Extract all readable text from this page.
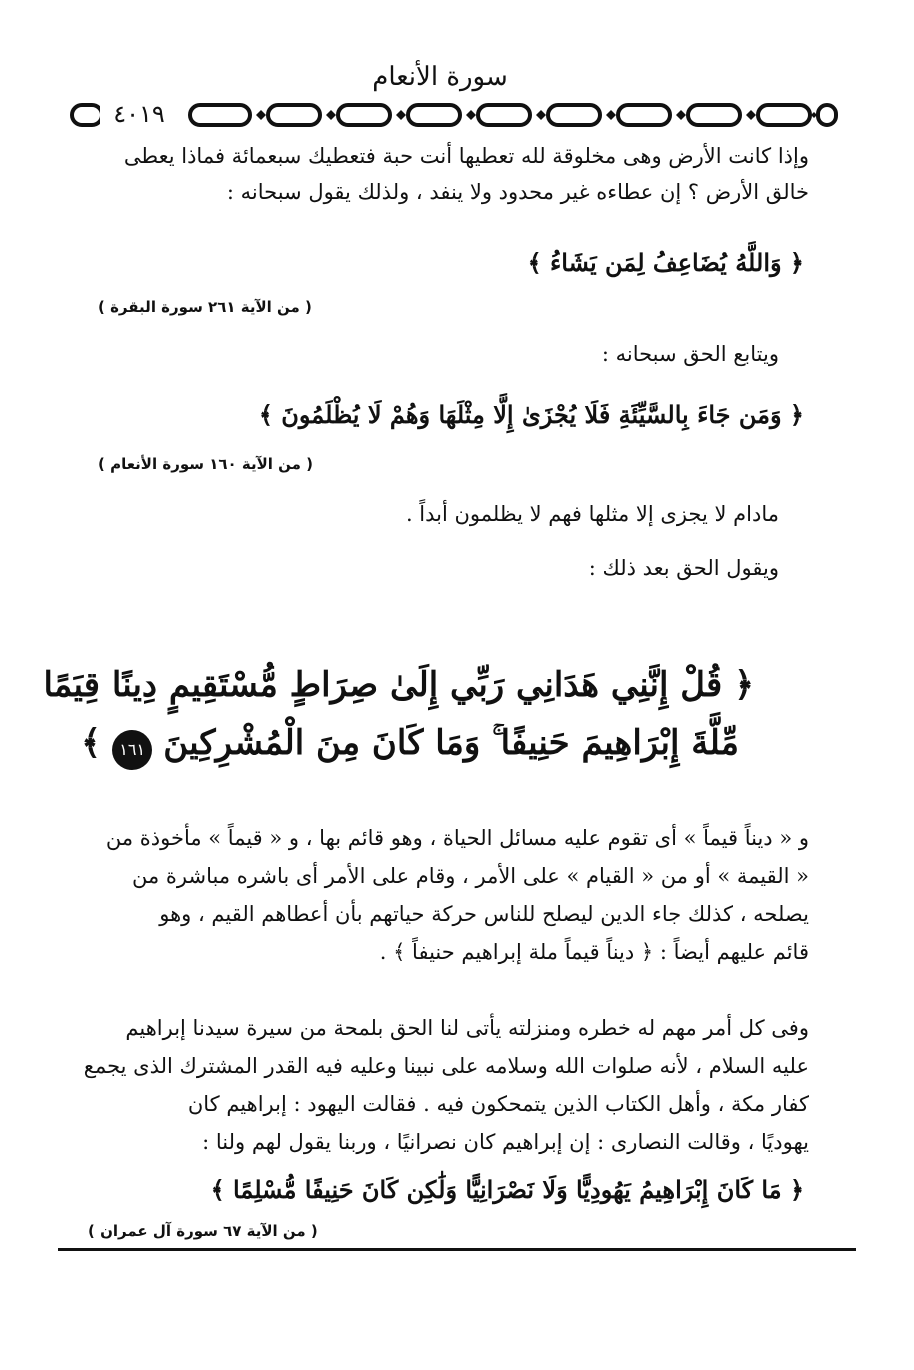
سورة الأنعام
٤٠١٩
وإذا كانت الأرض وهى مخلوقة لله تعطيها أنت حبة فتعطيك سبعمائة فماذا يعطى
خالق الأرض ؟ إن عطاءه غير محدود ولا ينفد ، ولذلك يقول سبحانه :
﴿ وَاللَّهُ يُضَاعِفُ لِمَن يَشَاءُ ﴾
( من الآية ٢٦١ سورة البقرة )
ويتابع الحق سبحانه :
﴿ وَمَن جَاءَ بِالسَّيِّئَةِ فَلَا يُجْزَىٰ إِلَّا مِثْلَهَا وَهُمْ لَا يُظْلَمُونَ ﴾
( من الآية ١٦٠ سورة الأنعام )
مادام لا يجزى إلا مثلها فهم لا يظلمون أبداً .
ويقول الحق بعد ذلك :
﴿ قُلْ إِنَّنِي هَدَانِي رَبِّي إِلَىٰ صِرَاطٍ مُّسْتَقِيمٍ دِينًا قِيَمًا
مِّلَّةَ إِبْرَاهِيمَ حَنِيفًا ۚ وَمَا كَانَ مِنَ الْمُشْرِكِينَ ١٦١ ﴾
و « ديناً قيماً » أى تقوم عليه مسائل الحياة ، وهو قائم بها ، و « قيماً » مأخوذة من
« القيمة » أو من « القيام » على الأمر ، وقام على الأمر أى باشره مباشرة من
يصلحه ، كذلك جاء الدين ليصلح للناس حركة حياتهم بأن أعطاهم القيم ، وهو
قائم عليهم أيضاً : ﴿ ديناً قيماً ملة إبراهيم حنيفاً ﴾ .
وفى كل أمر مهم له خطره ومنزلته يأتى لنا الحق بلمحة من سيرة سيدنا إبراهيم
عليه السلام ، لأنه صلوات الله وسلامه على نبينا وعليه فيه القدر المشترك الذى يجمع
كفار مكة ، وأهل الكتاب الذين يتمحكون فيه . فقالت اليهود : إبراهيم كان
يهوديًا ، وقالت النصارى : إن إبراهيم كان نصرانيًا ، وربنا يقول لهم ولنا :
﴿ مَا كَانَ إِبْرَاهِيمُ يَهُودِيًّا وَلَا نَصْرَانِيًّا وَلَٰكِن كَانَ حَنِيفًا مُّسْلِمًا ﴾
( من الآية ٦٧ سورة آل عمران )
